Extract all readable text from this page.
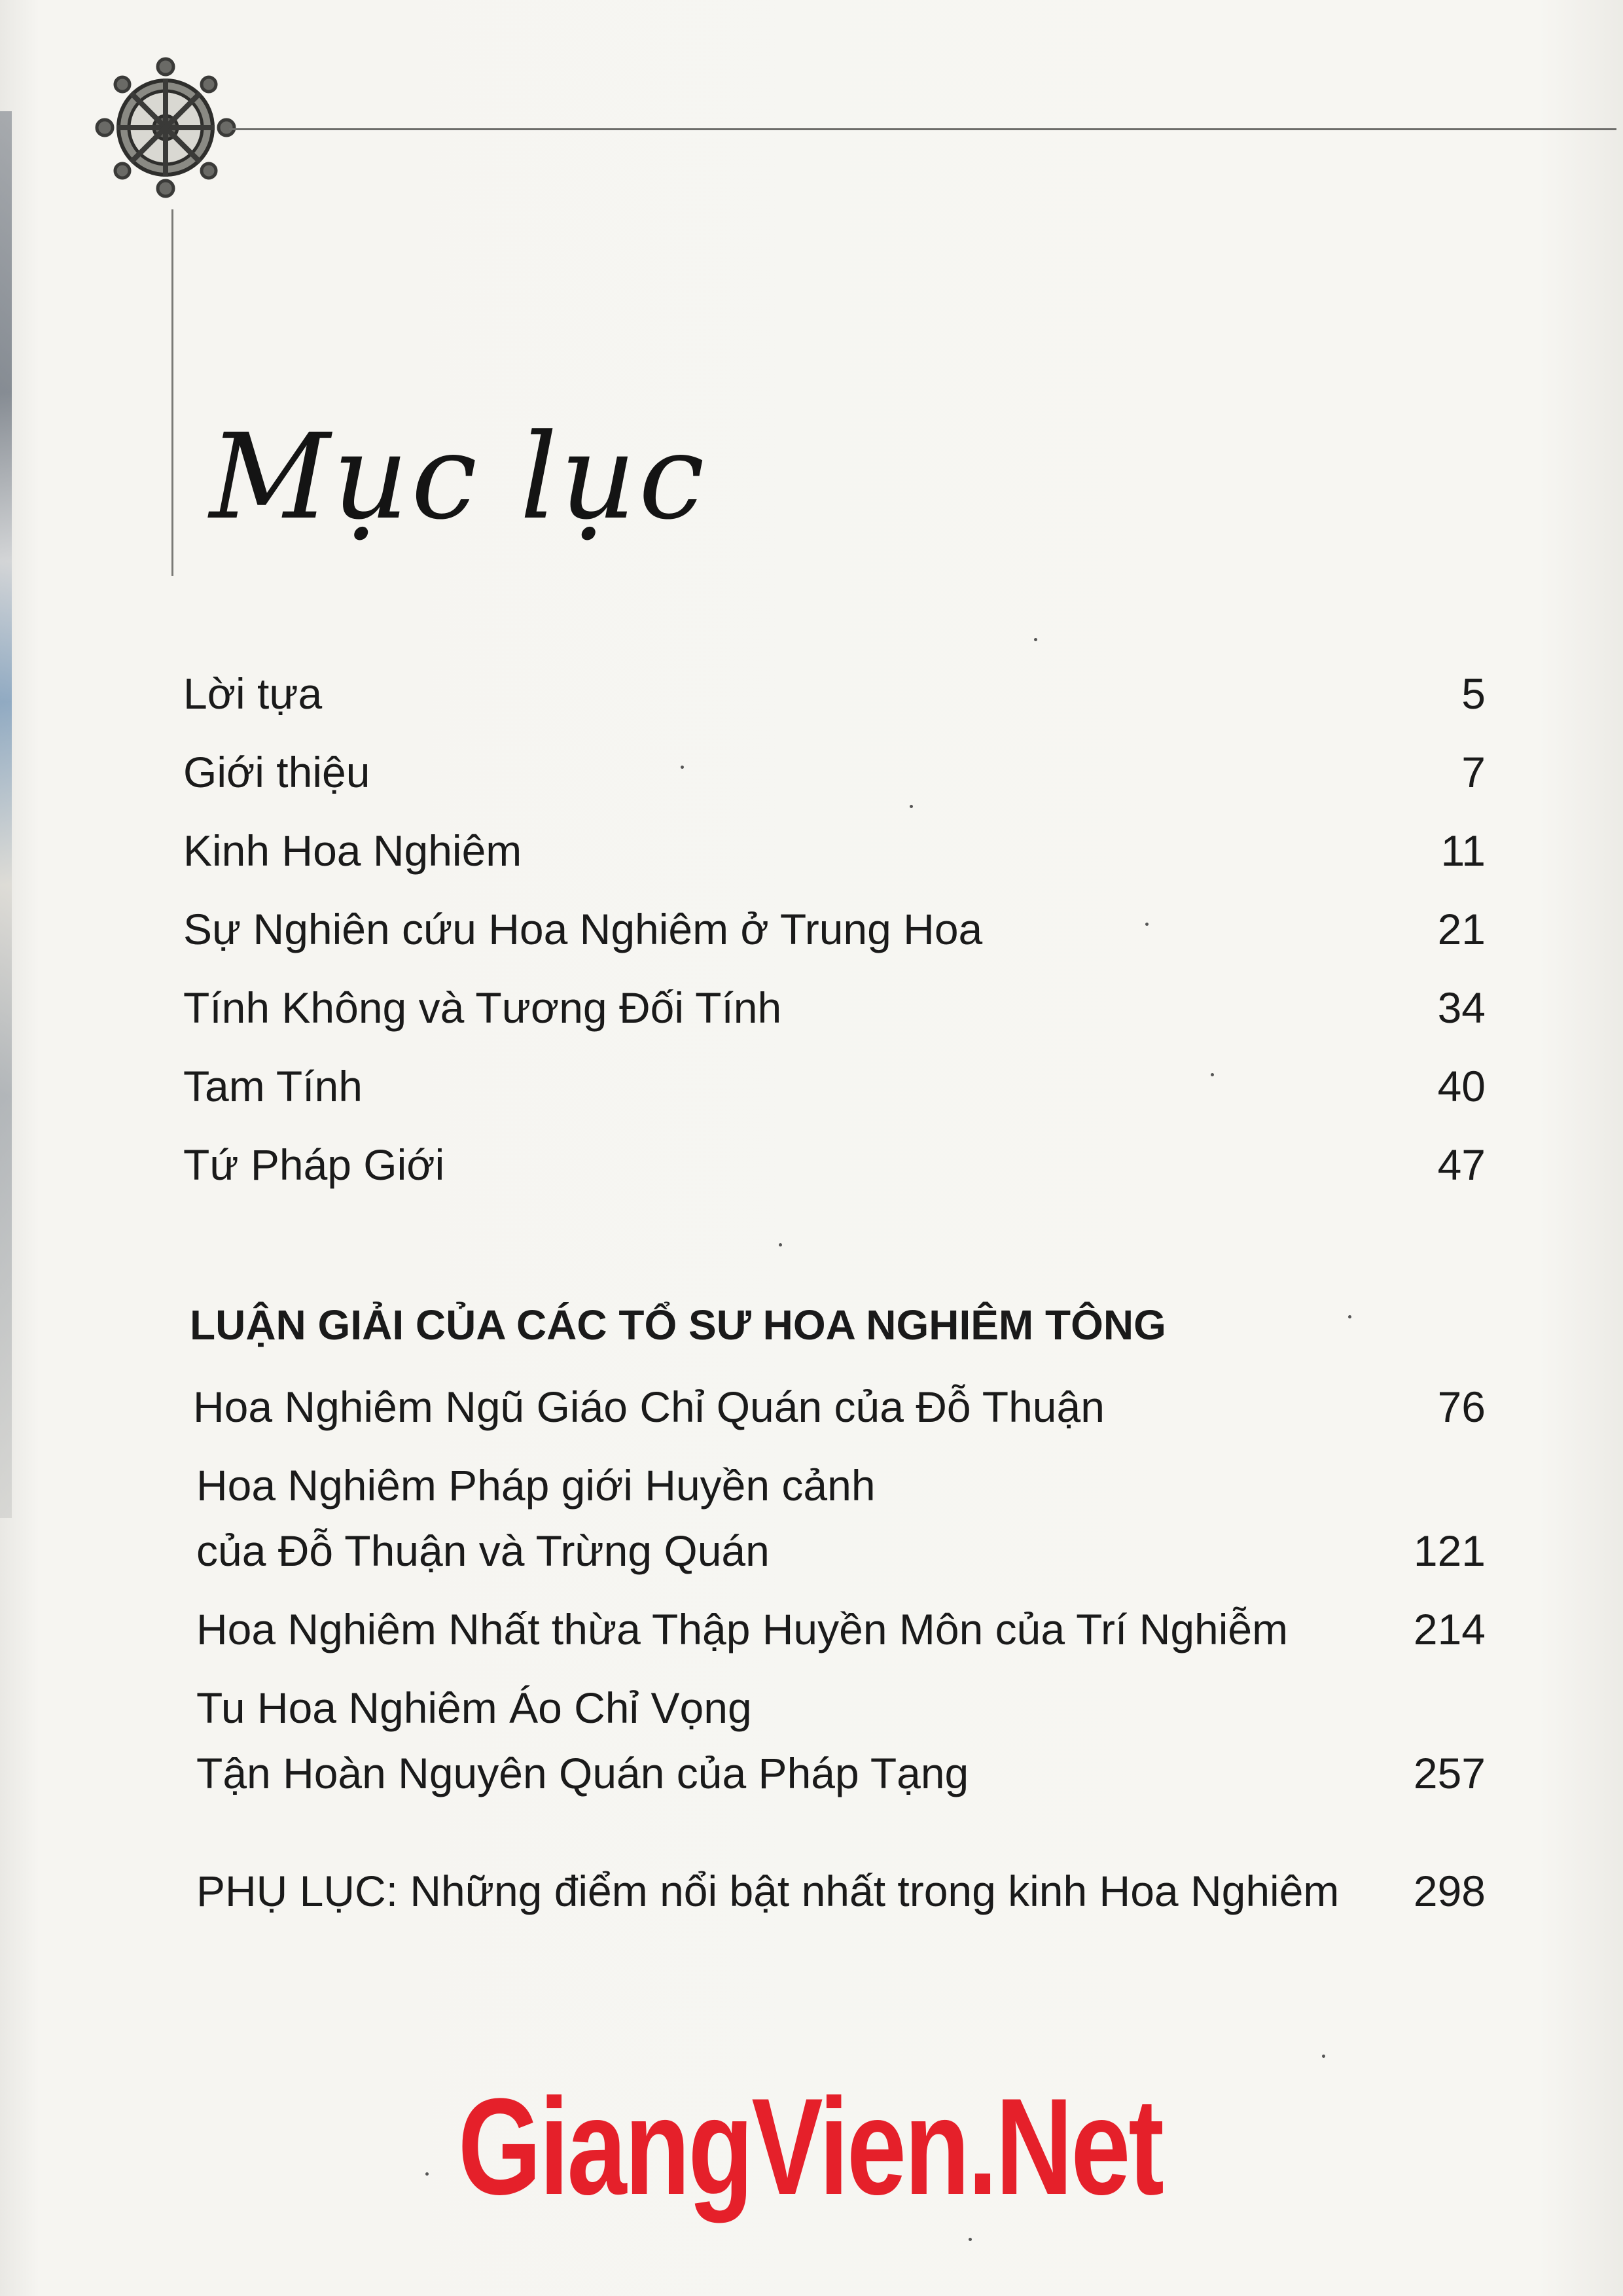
Mục lục
Lời tựa	5
Giới thiệu	7
Kinh Hoa Nghiêm	11
Sự Nghiên cứu Hoa Nghiêm ở Trung Hoa	21
Tính Không và Tương Đối Tính	34
Tam Tính	40
Tứ Pháp Giới	47
LUẬN GIẢI CỦA CÁC TỔ SƯ HOA NGHIÊM TÔNG
Hoa Nghiêm Ngũ Giáo Chỉ Quán của Đỗ Thuận	76
Hoa Nghiêm Pháp giới Huyền cảnh
của Đỗ Thuận và Trừng Quán	121
Hoa Nghiêm Nhất thừa Thập Huyền Môn của Trí Nghiễm	214
Tu Hoa Nghiêm Áo Chỉ Vọng
Tận Hoàn Nguyên Quán của Pháp Tạng	257
PHỤ LỤC: Những điểm nổi bật nhất trong kinh Hoa Nghiêm 298
GiangVien.Net
